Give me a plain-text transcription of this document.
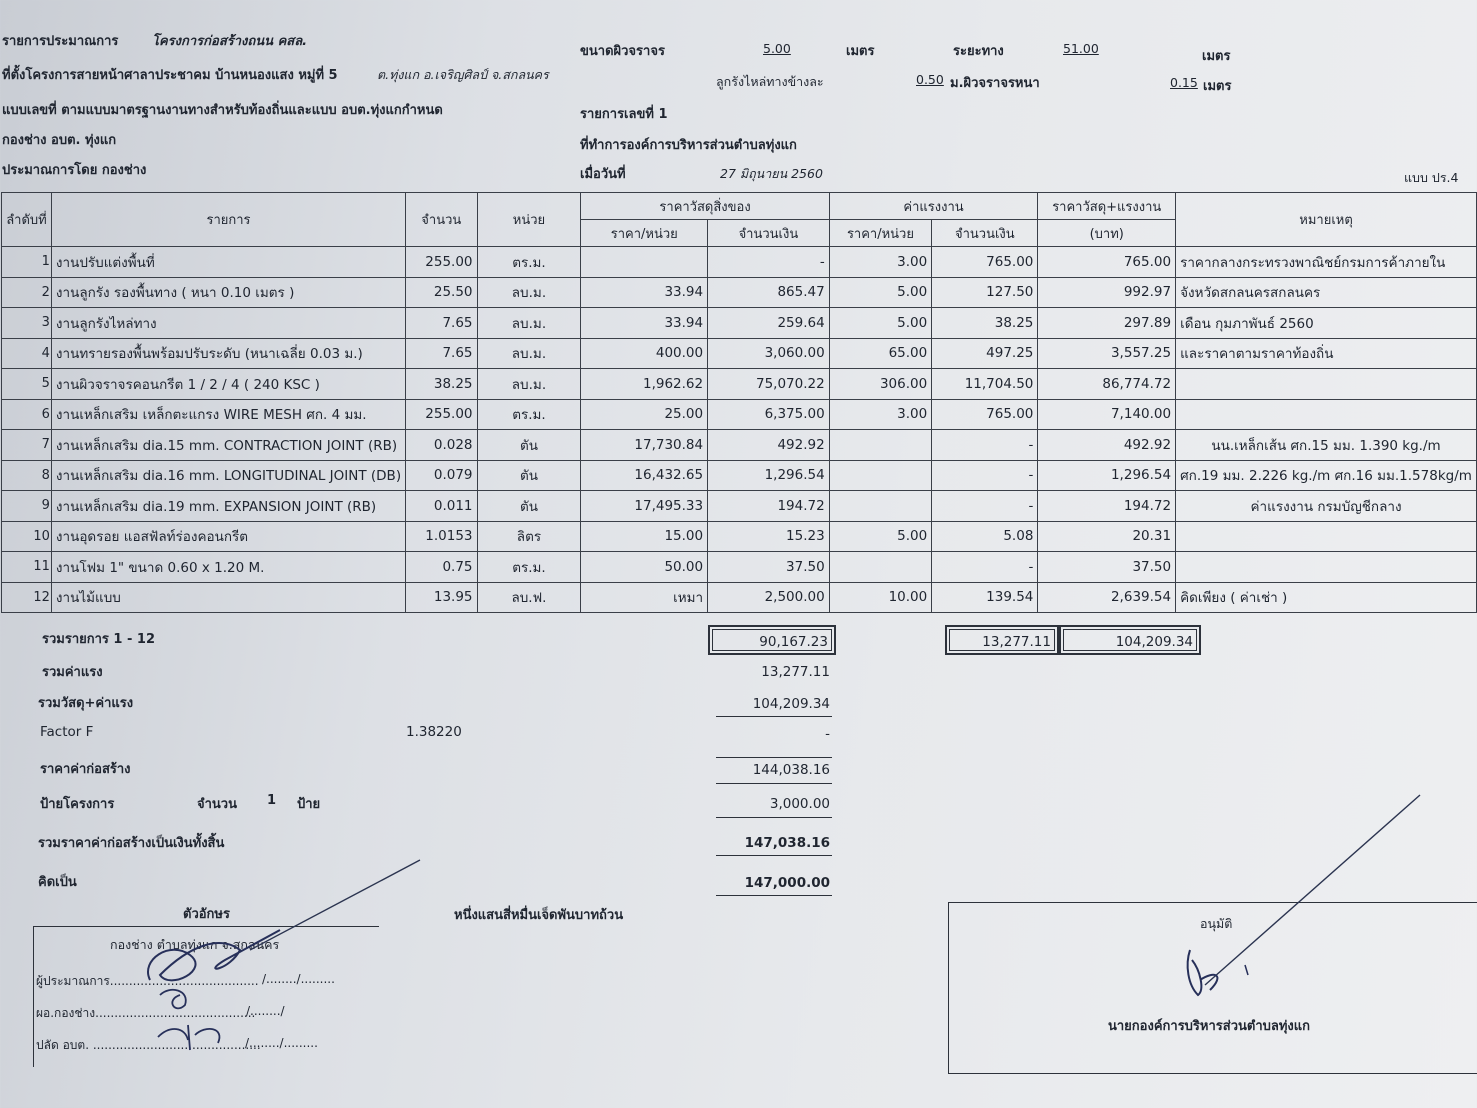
รายการประมาณการ	โครงการก่อสร้างถนน คสล.
ที่ตั้งโครงการสายหน้าศาลาประชาคม บ้านหนองแสง หมู่ที่ 5	ต.ทุ่งแก อ.เจริญศิลป์ จ.สกลนคร
แบบเลขที่ ตามแบบมาตรฐานงานทางสำหรับท้องถิ่นและแบบ อบต.ทุ่งแกกำหนด
กองช่าง อบต. ทุ่งแก
ประมาณการโดย กองช่าง
ขนาดผิวจราจร	5.00	เมตร	ระยะทาง	51.00
เมตร
ลูกรังไหล่ทางข้างละ	0.50 ม.ผิวจราจรหนา	0.15 เมตร
รายการเลขที่ 1
ที่ทำการองค์การบริหารส่วนตำบลทุ่งแก
เมื่อวันที่	27 มิถุนายน 2560	แบบ ปร.4
ลำดับที่	รายการ	จำนวน	หน่วย	ราคาวัสดุสิ่งของ		ค่าแรงงาน		ราคาวัสดุ+แรงงาน	หมายเหตุ
				ราคา/หน่วย	จำนวนเงิน	ราคา/หน่วย	จำนวนเงิน	(บาท)	
1	งานปรับแต่งพื้นที่	255.00	ตร.ม.		-	3.00	765.00	765.00	ราคากลางกระทรวงพาณิชย์กรมการค้าภายใน
2	งานลูกรัง รองพื้นทาง ( หนา 0.10 เมตร )	25.50	ลบ.ม.	33.94	865.47	5.00	127.50	992.97	จังหวัดสกลนครสกลนคร
3	งานลูกรังไหล่ทาง	7.65	ลบ.ม.	33.94	259.64	5.00	38.25	297.89	เดือน กุมภาพันธ์ 2560
4	งานทรายรองพื้นพร้อมปรับระดับ (หนาเฉลี่ย 0.03 ม.)	7.65	ลบ.ม.	400.00	3,060.00	65.00	497.25	3,557.25	และราคาตามราคาท้องถิ่น
5	งานผิวจราจรคอนกรีต 1 / 2 / 4 ( 240 KSC )	38.25	ลบ.ม.	1,962.62	75,070.22	306.00	11,704.50	86,774.72	
6	งานเหล็กเสริม เหล็กตะแกรง WIRE MESH ศก. 4 มม.	255.00	ตร.ม.	25.00	6,375.00	3.00	765.00	7,140.00	
7	งานเหล็กเสริม dia.15 mm. CONTRACTION JOINT (RB)	0.028	ตัน	17,730.84	492.92		-	492.92	นน.เหล็กเส้น ศก.15 มม. 1.390 kg./m
8	งานเหล็กเสริม dia.16 mm. LONGITUDINAL JOINT (DB)	0.079	ตัน	16,432.65	1,296.54		-	1,296.54	ศก.19 มม. 2.226 kg./m ศก.16 มม.1.578kg/m
9	งานเหล็กเสริม dia.19 mm. EXPANSION JOINT (RB)	0.011	ตัน	17,495.33	194.72		-	194.72	ค่าแรงงาน กรมบัญชีกลาง
10	งานอุดรอย แอสฟัลท์ร่องคอนกรีต	1.0153	ลิตร	15.00	15.23	5.00	5.08	20.31	
11	งานโฟม 1" ขนาด 0.60 x 1.20 M.	0.75	ตร.ม.	50.00	37.50		-	37.50	
12	งานไม้แบบ	13.95	ลบ.ฟ.	เหมา	2,500.00	10.00	139.54	2,639.54	คิดเพียง ( ค่าเช่า )
รวมรายการ 1 - 12	90,167.23	13,277.11	104,209.34
รวมค่าแรง	13,277.11
รวมวัสดุ+ค่าแรง	104,209.34
Factor F	1.38220	-
ราคาค่าก่อสร้าง	144,038.16
ป้ายโครงการ	จำนวน 1 ป้าย	3,000.00
รวมราคาค่าก่อสร้างเป็นเงินทั้งสิ้น	147,038.16
คิดเป็น	147,000.00
ตัวอักษร	หนึ่งแสนสี่หมื่นเจ็ดพันบาทถ้วน
กองช่าง ตำบลทุ่งแก จ.สกลนคร
ผู้ประมาณการ....................................... /......../.........
ผอ.กองช่าง..........................................
/......../
ปลัด อบต. ............................................
/......../.........
อนุมัติ
นายกองค์การบริหารส่วนตำบลทุ่งแก
